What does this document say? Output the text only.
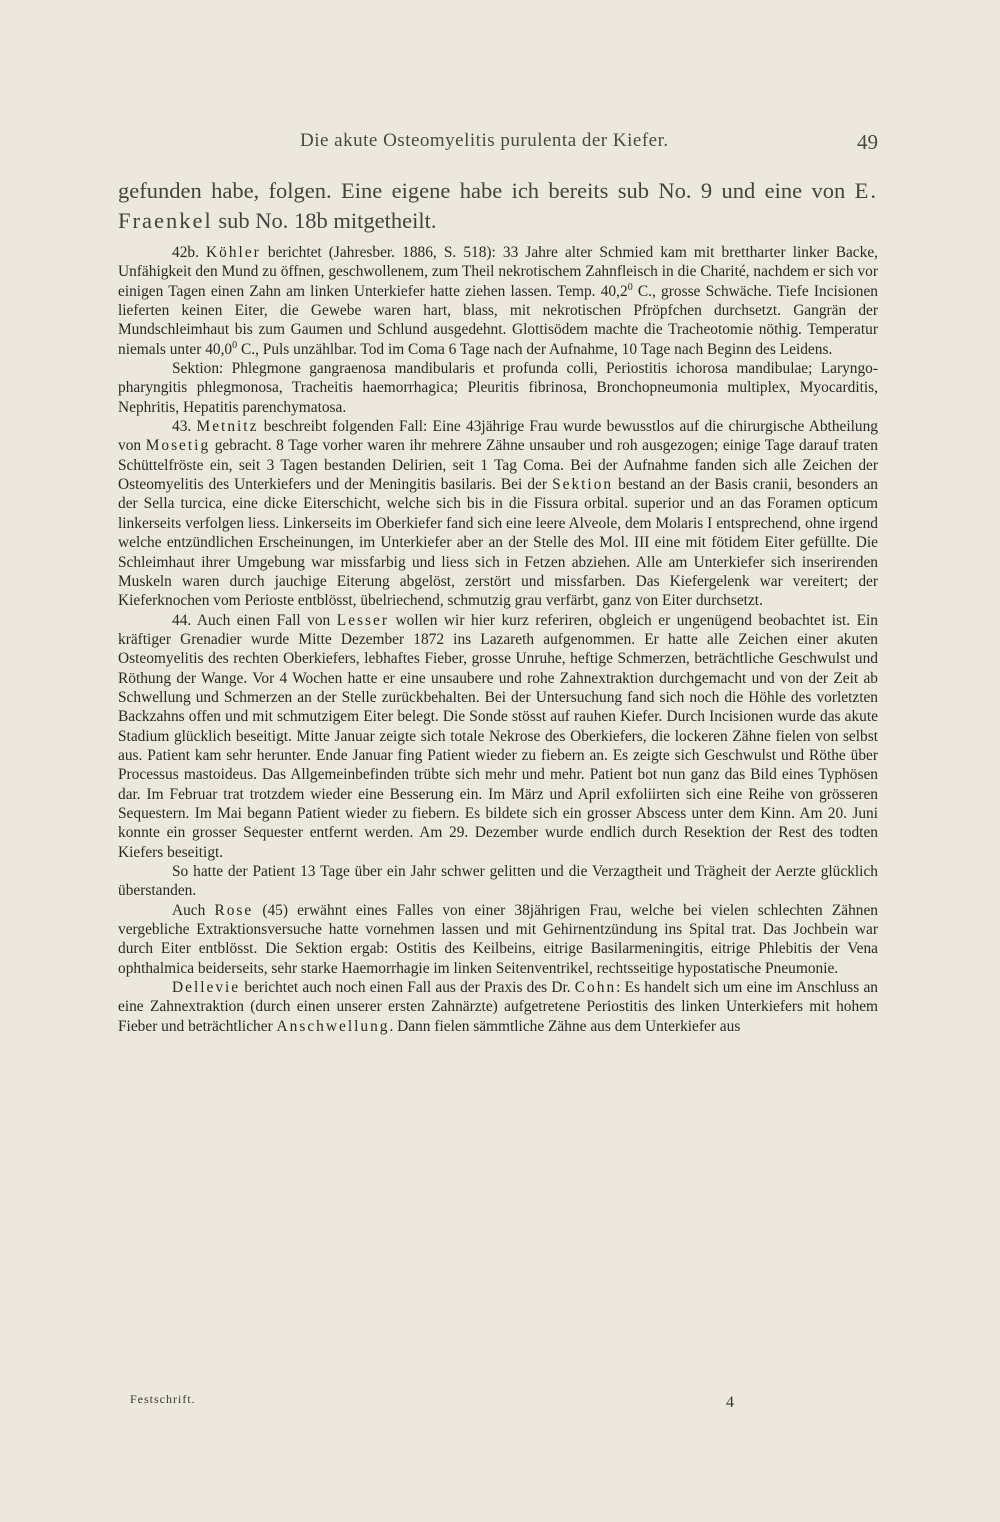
Die akute Osteomyelitis purulenta der Kiefer.	49

gefunden habe, folgen. Eine eigene habe ich bereits sub No. 9 und eine von E. Fraenkel sub No. 18b mitgetheilt.

42b. Köhler berichtet (Jahresber. 1886, S. 518): 33 Jahre alter Schmied kam mit brettharter linker Backe, Unfähigkeit den Mund zu öffnen, geschwollenem, zum Theil nekrotischem Zahnfleisch in die Charité, nachdem er sich vor einigen Tagen einen Zahn am linken Unterkiefer hatte ziehen lassen. Temp. 40,2$^0$ C., grosse Schwäche. Tiefe Incisionen lieferten keinen Eiter, die Gewebe waren hart, blass, mit nekrotischen Pfröpfchen durchsetzt. Gangrän der Mundschleimhaut bis zum Gaumen und Schlund ausgedehnt. Glottisödem machte die Tracheotomie nöthig. Temperatur niemals unter 40,0$^0$ C., Puls unzählbar. Tod im Coma 6 Tage nach der Aufnahme, 10 Tage nach Beginn des Leidens.

Sektion: Phlegmone gangraenosa mandibularis et profunda colli, Periostitis ichorosa mandibulae; Laryngo-pharyngitis phlegmonosa, Tracheitis haemorrhagica; Pleuritis fibrinosa, Bronchopneumonia multiplex, Myocarditis, Nephritis, Hepatitis parenchymatosa.

43. Metnitz beschreibt folgenden Fall: Eine 43jährige Frau wurde bewusstlos auf die chirurgische Abtheilung von Mosetig gebracht. 8 Tage vorher waren ihr mehrere Zähne unsauber und roh ausgezogen; einige Tage darauf traten Schüttelfröste ein, seit 3 Tagen bestanden Delirien, seit 1 Tag Coma. Bei der Aufnahme fanden sich alle Zeichen der Osteomyelitis des Unterkiefers und der Meningitis basilaris. Bei der Sektion bestand an der Basis cranii, besonders an der Sella turcica, eine dicke Eiterschicht, welche sich bis in die Fissura orbital. superior und an das Foramen opticum linkerseits verfolgen liess. Linkerseits im Oberkiefer fand sich eine leere Alveole, dem Molaris I entsprechend, ohne irgend welche entzündlichen Erscheinungen, im Unterkiefer aber an der Stelle des Mol. III eine mit fötidem Eiter gefüllte. Die Schleimhaut ihrer Umgebung war missfarbig und liess sich in Fetzen abziehen. Alle am Unterkiefer sich inserirenden Muskeln waren durch jauchige Eiterung abgelöst, zerstört und missfarben. Das Kiefergelenk war vereitert; der Kieferknochen vom Perioste entblösst, übelriechend, schmutzig grau verfärbt, ganz von Eiter durchsetzt.

44. Auch einen Fall von Lesser wollen wir hier kurz referiren, obgleich er ungenügend beobachtet ist. Ein kräftiger Grenadier wurde Mitte Dezember 1872 ins Lazareth aufgenommen. Er hatte alle Zeichen einer akuten Osteomyelitis des rechten Oberkiefers, lebhaftes Fieber, grosse Unruhe, heftige Schmerzen, beträchtliche Geschwulst und Röthung der Wange. Vor 4 Wochen hatte er eine unsaubere und rohe Zahnextraktion durchgemacht und von der Zeit ab Schwellung und Schmerzen an der Stelle zurückbehalten. Bei der Untersuchung fand sich noch die Höhle des vorletzten Backzahns offen und mit schmutzigem Eiter belegt. Die Sonde stösst auf rauhen Kiefer. Durch Incisionen wurde das akute Stadium glücklich beseitigt. Mitte Januar zeigte sich totale Nekrose des Oberkiefers, die lockeren Zähne fielen von selbst aus. Patient kam sehr herunter. Ende Januar fing Patient wieder zu fiebern an. Es zeigte sich Geschwulst und Röthe über Processus mastoideus. Das Allgemeinbefinden trübte sich mehr und mehr. Patient bot nun ganz das Bild eines Typhösen dar. Im Februar trat trotzdem wieder eine Besserung ein. Im März und April exfoliirten sich eine Reihe von grösseren Sequestern. Im Mai begann Patient wieder zu fiebern. Es bildete sich ein grosser Abscess unter dem Kinn. Am 20. Juni konnte ein grosser Sequester entfernt werden. Am 29. Dezember wurde endlich durch Resektion der Rest des todten Kiefers beseitigt.

So hatte der Patient 13 Tage über ein Jahr schwer gelitten und die Verzagtheit und Trägheit der Aerzte glücklich überstanden.

Auch Rose (45) erwähnt eines Falles von einer 38jährigen Frau, welche bei vielen schlechten Zähnen vergebliche Extraktionsversuche hatte vornehmen lassen und mit Gehirnentzündung ins Spital trat. Das Jochbein war durch Eiter entblösst. Die Sektion ergab: Ostitis des Keilbeins, eitrige Basilarmeningitis, eitrige Phlebitis der Vena ophthalmica beiderseits, sehr starke Haemorrhagie im linken Seitenventrikel, rechtsseitige hypostatische Pneumonie.

Dellevie berichtet auch noch einen Fall aus der Praxis des Dr. Cohn: Es handelt sich um eine im Anschluss an eine Zahnextraktion (durch einen unserer ersten Zahnärzte) aufgetretene Periostitis des linken Unterkiefers mit hohem Fieber und beträchtlicher Anschwellung. Dann fielen sämmtliche Zähne aus dem Unterkiefer aus

Festschrift.	4
